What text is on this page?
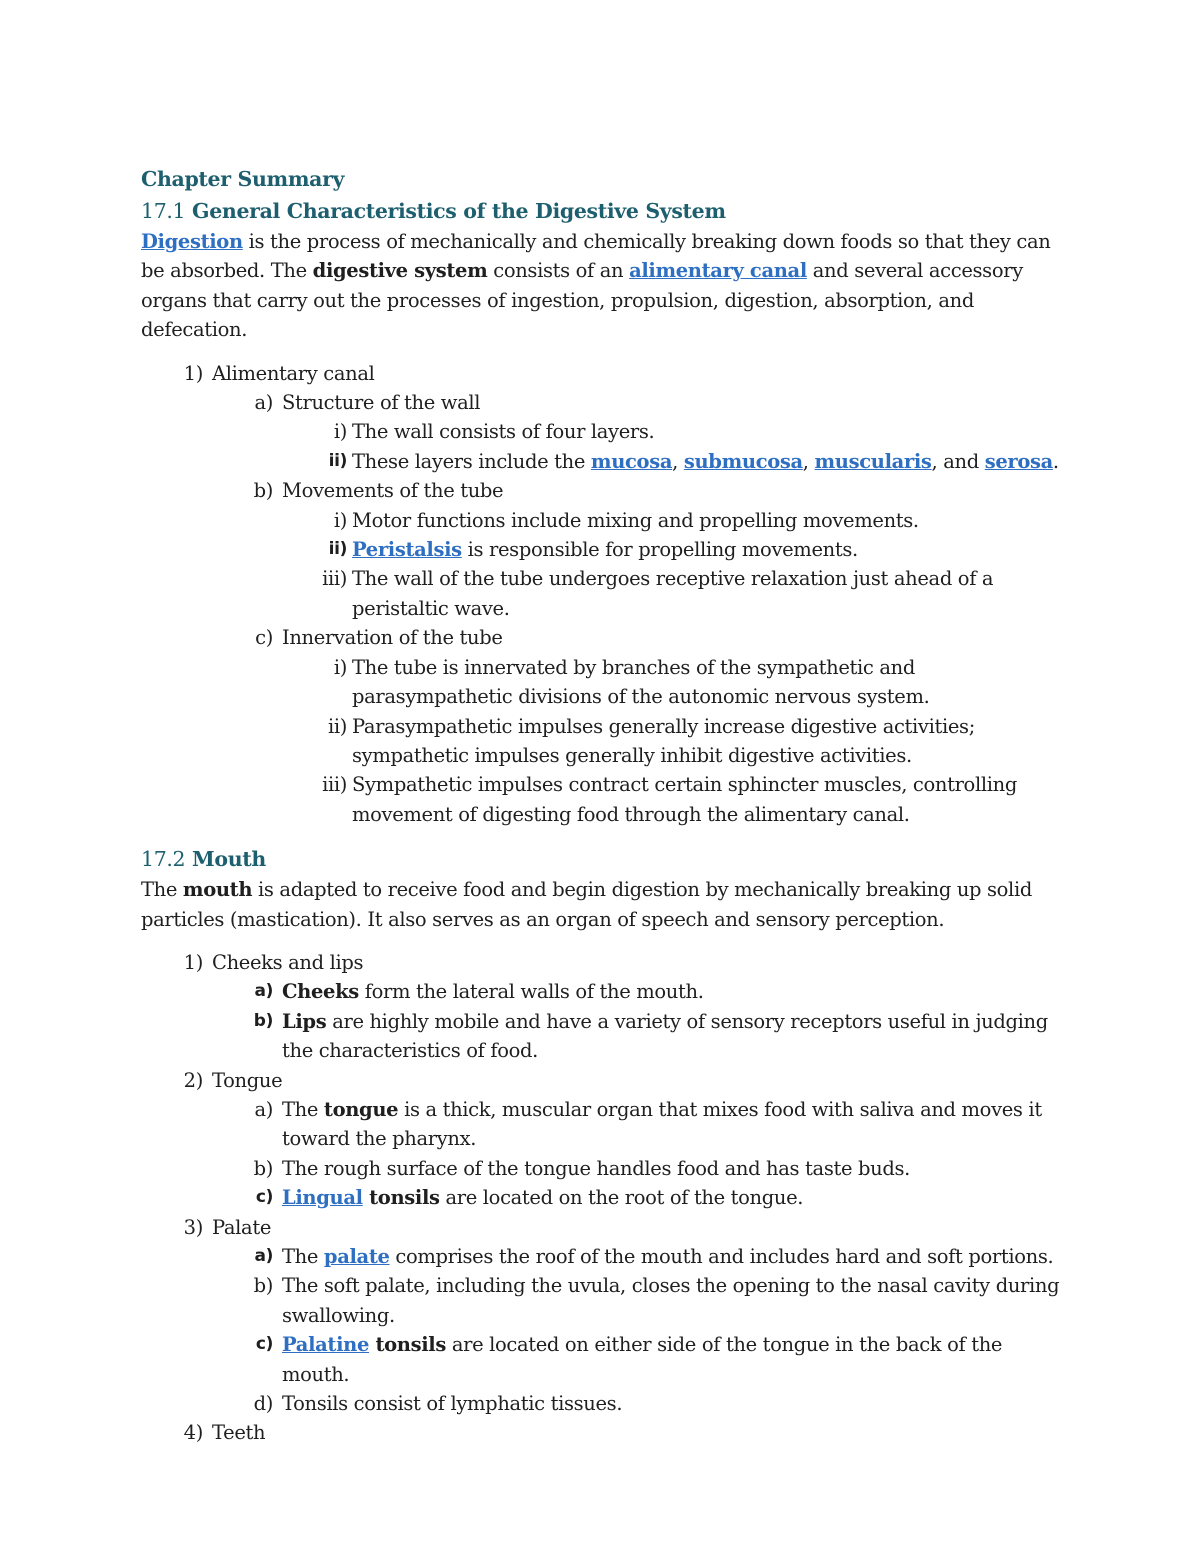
Chapter Summary

17.1 General Characteristics of the Digestive System

Digestion is the process of mechanically and chemically breaking down foods so that they can be absorbed. The digestive system consists of an alimentary canal and several accessory organs that carry out the processes of ingestion, propulsion, digestion, absorption, and defecation.

1) Alimentary canal
a) Structure of the wall
i) The wall consists of four layers.
ii) These layers include the mucosa, submucosa, muscularis, and serosa.
b) Movements of the tube
i) Motor functions include mixing and propelling movements.
ii) Peristalsis is responsible for propelling movements.
iii) The wall of the tube undergoes receptive relaxation just ahead of a peristaltic wave.
c) Innervation of the tube
i) The tube is innervated by branches of the sympathetic and parasympathetic divisions of the autonomic nervous system.
ii) Parasympathetic impulses generally increase digestive activities; sympathetic impulses generally inhibit digestive activities.
iii) Sympathetic impulses contract certain sphincter muscles, controlling movement of digesting food through the alimentary canal.

17.2 Mouth

The mouth is adapted to receive food and begin digestion by mechanically breaking up solid particles (mastication). It also serves as an organ of speech and sensory perception.

1) Cheeks and lips
a) Cheeks form the lateral walls of the mouth.
b) Lips are highly mobile and have a variety of sensory receptors useful in judging the characteristics of food.
2) Tongue
a) The tongue is a thick, muscular organ that mixes food with saliva and moves it toward the pharynx.
b) The rough surface of the tongue handles food and has taste buds.
c) Lingual tonsils are located on the root of the tongue.
3) Palate
a) The palate comprises the roof of the mouth and includes hard and soft portions.
b) The soft palate, including the uvula, closes the opening to the nasal cavity during swallowing.
c) Palatine tonsils are located on either side of the tongue in the back of the mouth.
d) Tonsils consist of lymphatic tissues.
4) Teeth
